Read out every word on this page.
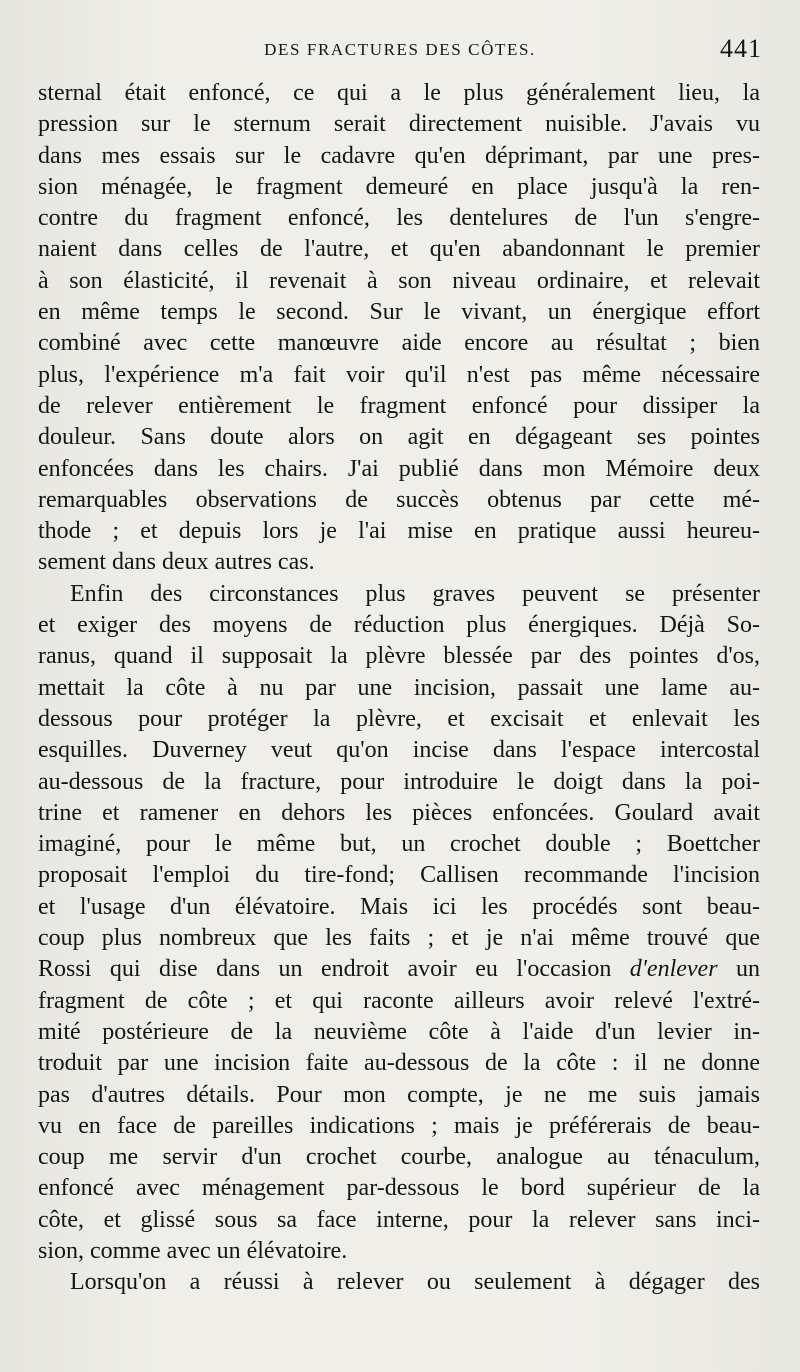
DES FRACTURES DES CÔTES.	441
sternal était enfoncé, ce qui a le plus généralement lieu, la
pression sur le sternum serait directement nuisible. J'avais vu
dans mes essais sur le cadavre qu'en déprimant, par une pres-
sion ménagée, le fragment demeuré en place jusqu'à la ren-
contre du fragment enfoncé, les dentelures de l'un s'engre-
naient dans celles de l'autre, et qu'en abandonnant le premier
à son élasticité, il revenait à son niveau ordinaire, et relevait
en même temps le second. Sur le vivant, un énergique effort
combiné avec cette manœuvre aide encore au résultat ; bien
plus, l'expérience m'a fait voir qu'il n'est pas même nécessaire
de relever entièrement le fragment enfoncé pour dissiper la
douleur. Sans doute alors on agit en dégageant ses pointes
enfoncées dans les chairs. J'ai publié dans mon Mémoire deux
remarquables observations de succès obtenus par cette mé-
thode ; et depuis lors je l'ai mise en pratique aussi heureu-
sement dans deux autres cas.
Enfin des circonstances plus graves peuvent se présenter
et exiger des moyens de réduction plus énergiques. Déjà So-
ranus, quand il supposait la plèvre blessée par des pointes d'os,
mettait la côte à nu par une incision, passait une lame au-
dessous pour protéger la plèvre, et excisait et enlevait les
esquilles. Duverney veut qu'on incise dans l'espace intercostal
au-dessous de la fracture, pour introduire le doigt dans la poi-
trine et ramener en dehors les pièces enfoncées. Goulard avait
imaginé, pour le même but, un crochet double ; Boettcher
proposait l'emploi du tire-fond; Callisen recommande l'incision
et l'usage d'un élévatoire. Mais ici les procédés sont beau-
coup plus nombreux que les faits ; et je n'ai même trouvé que
Rossi qui dise dans un endroit avoir eu l'occasion d'enlever un
fragment de côte ; et qui raconte ailleurs avoir relevé l'extré-
mité postérieure de la neuvième côte à l'aide d'un levier in-
troduit par une incision faite au-dessous de la côte : il ne donne
pas d'autres détails. Pour mon compte, je ne me suis jamais
vu en face de pareilles indications ; mais je préférerais de beau-
coup me servir d'un crochet courbe, analogue au ténaculum,
enfoncé avec ménagement par-dessous le bord supérieur de la
côte, et glissé sous sa face interne, pour la relever sans inci-
sion, comme avec un élévatoire.
Lorsqu'on a réussi à relever ou seulement à dégager des
